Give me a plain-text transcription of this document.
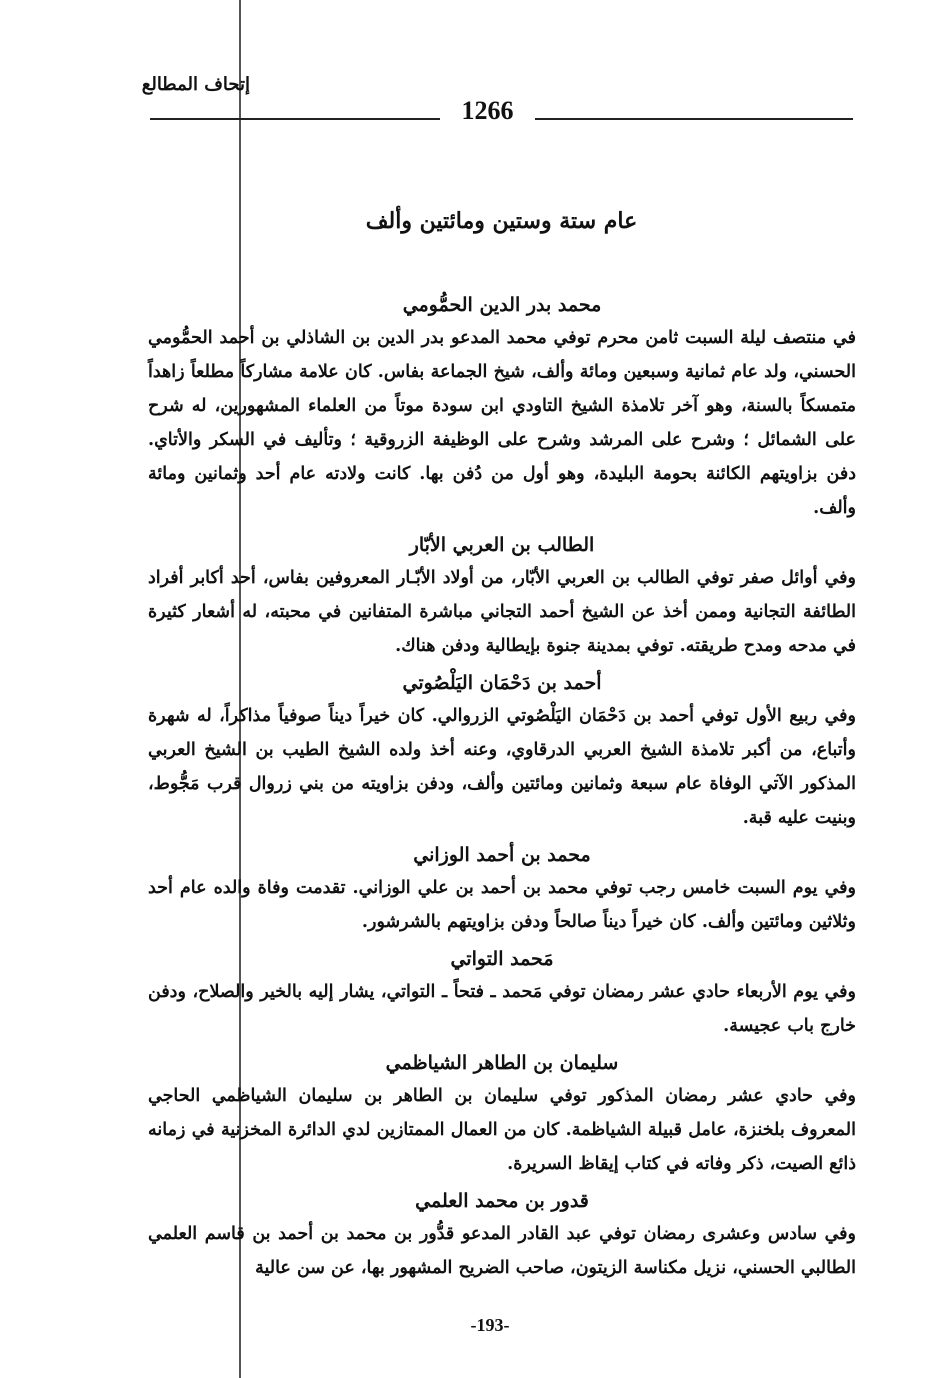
إتحاف المطالع
1266
عام ستة وستين ومائتين وألف
محمد بدر الدين الحمُّومي

في منتصف ليلة السبت ثامن محرم توفي محمد المدعو بدر الدين بن الشاذلي بن أحمد الحمُّومي الحسني، ولد عام ثمانية وسبعين ومائة وألف، شيخ الجماعة بفاس. كان علامة مشاركاً مطلعاً زاهداً متمسكاً بالسنة، وهو آخر تلامذة الشيخ التاودي ابن سودة موتاً من العلماء المشهورين، له شرح على الشمائل ؛ وشرح على المرشد وشرح على الوظيفة الزروقية ؛ وتأليف في السكر والأتاي. دفن بزاويتهم الكائنة بحومة البليدة، وهو أول من دُفن بها. كانت ولادته عام أحد وثمانين ومائة وألف.

الطالب بن العربي الأبّار

وفي أوائل صفر توفي الطالب بن العربي الأبّار، من أولاد الأبّـار المعروفين بفاس، أحد أكابر أفراد الطائفة التجانية وممن أخذ عن الشيخ أحمد التجاني مباشرة المتفانين في محبته، له أشعار كثيرة في مدحه ومدح طريقته. توفي بمدينة جنوة بإيطالية ودفن هناك.

أحمد بن دَحْمَان اليَلْصُوتي

وفي ربيع الأول توفي أحمد بن دَحْمَان اليَلْصُوتي الزروالي. كان خيراً ديناً صوفياً مذاكراً، له شهرة وأتباع، من أكبر تلامذة الشيخ العربي الدرقاوي، وعنه أخذ ولده الشيخ الطيب بن الشيخ العربي المذكور الآتي الوفاة عام سبعة وثمانين ومائتين وألف، ودفن بزاويته من بني زروال قرب مَجُّوط، وبنيت عليه قبة.

محمد بن أحمد الوزاني

وفي يوم السبت خامس رجب توفي محمد بن أحمد بن علي الوزاني. تقدمت وفاة والده عام أحد وثلاثين ومائتين وألف. كان خيراً ديناً صالحاً ودفن بزاويتهم بالشرشور.

مَحمد التواتي

وفي يوم الأربعاء حادي عشر رمضان توفي مَحمد ـ فتحاً ـ التواتي، يشار إليه بالخير والصلاح، ودفن خارج باب عجيسة.

سليمان بن الطاهر الشياظمي

وفي حادي عشر رمضان المذكور توفي سليمان بن الطاهر بن سليمان الشياظمي الحاجي المعروف بلخنزة، عامل قبيلة الشياظمة. كان من العمال الممتازين لدي الدائرة المخزنية في زمانه ذائع الصيت، ذكر وفاته في كتاب إيقاظ السريرة.

قدور بن محمد العلمي

وفي سادس وعشرى رمضان توفي عبد القادر المدعو قدُّور بن محمد بن أحمد بن قاسم العلمي الطالبي الحسني، نزيل مكناسة الزيتون، صاحب الضريح المشهور بها، عن سن عالية

-193-
